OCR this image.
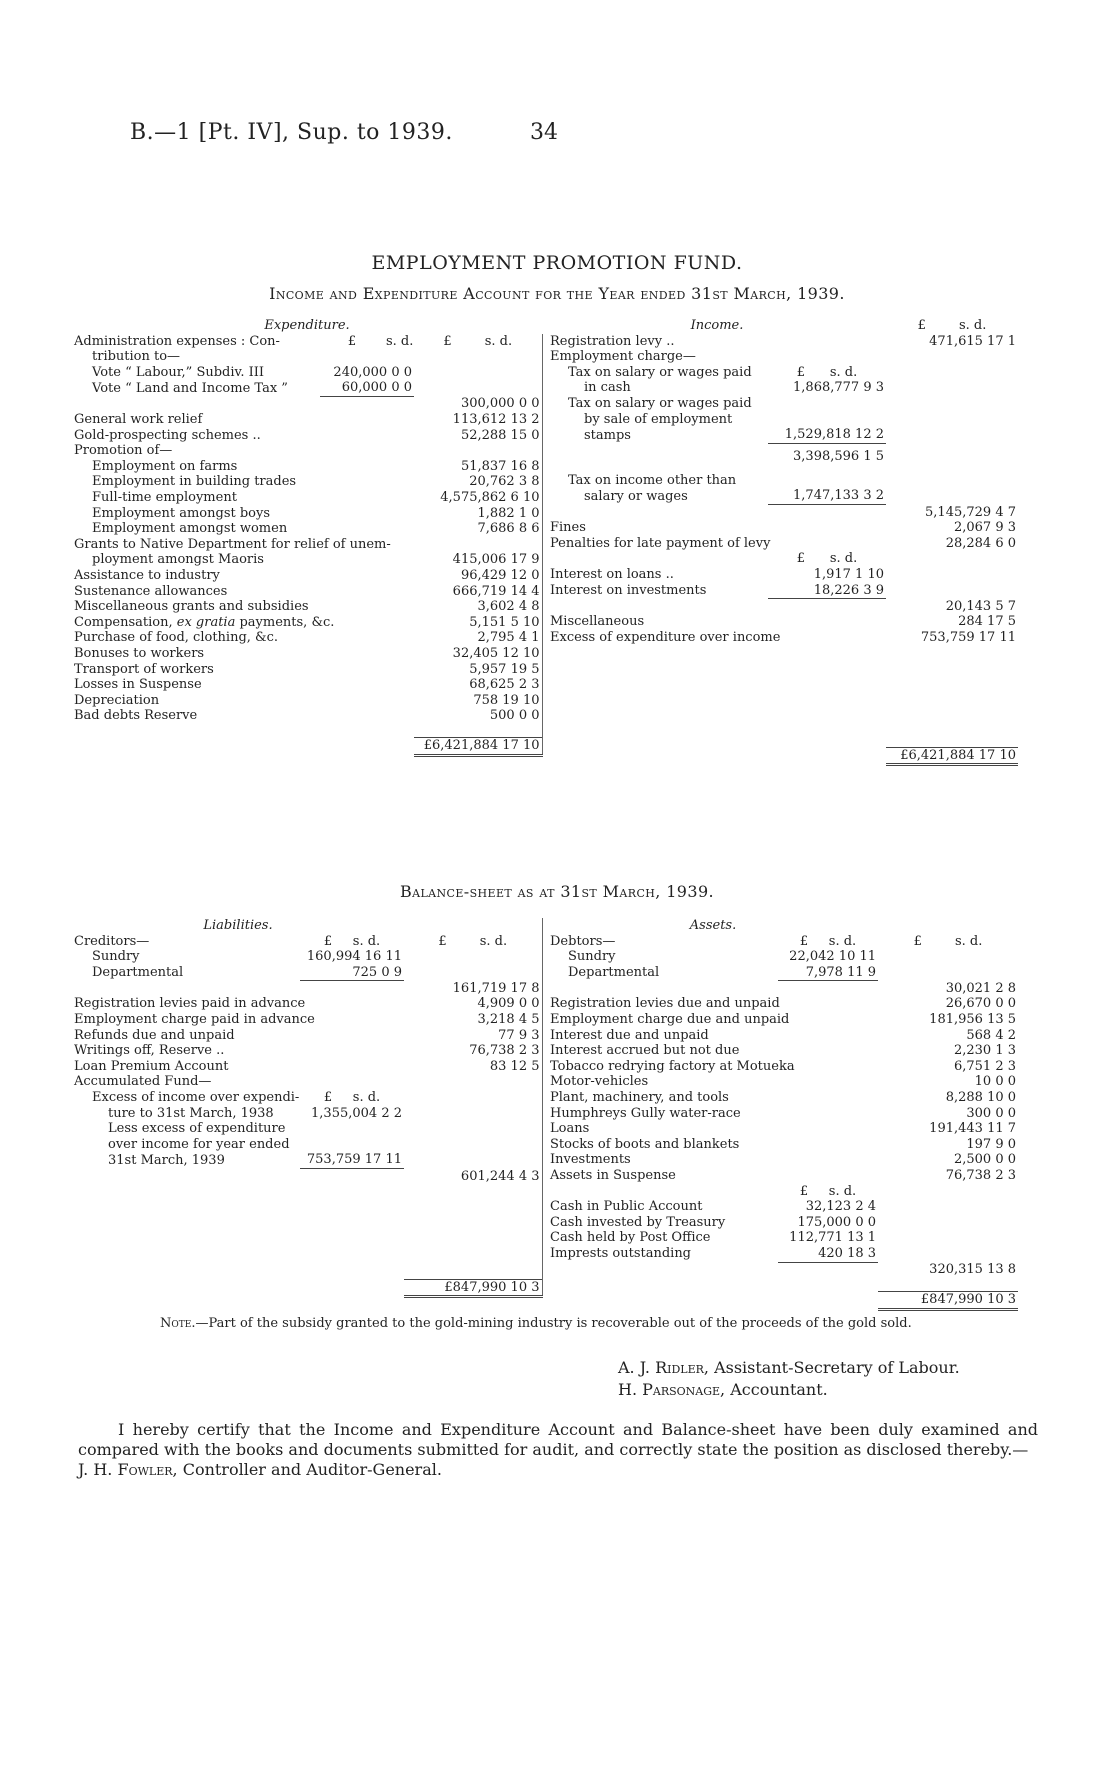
B.—1 [Pt. IV], Sup. to 1939.	34
EMPLOYMENT PROMOTION FUND.
Income and Expenditure Account for the Year ended 31st March, 1939.
Expenditure.			
Administration expenses : Con-	£	s. d.	£ s. d.
tribution to—			
Vote “ Labour,” Subdiv. III	240,000 0 0		
Vote “ Land and Income Tax ”	60,000 0 0		
			300,000 0 0
General work relief			113,612 13 2
Gold-prospecting schemes ..			52,288 15 0
Promotion of—			
Employment on farms			51,837 16 8
Employment in building trades			20,762 3 8
Full-time employment			4,575,862 6 10
Employment amongst boys			1,882 1 0
Employment amongst women			7,686 8 6
Grants to Native Department for relief of unem-			
ployment amongst Maoris			415,006 17 9
Assistance to industry			96,429 12 0
Sustenance allowances			666,719 14 4
Miscellaneous grants and subsidies			3,602 4 8
Compensation, ex gratia payments, &c.			5,151 5 10
Purchase of food, clothing, &c.			2,795 4 1
Bonuses to workers			32,405 12 10
Transport of workers			5,957 19 5
Losses in Suspense			68,625 2 3
Depreciation			758 19 10
Bad debts Reserve			500 0 0

			£6,421,884 17 10
Income.		£ s. d.
Registration levy ..		471,615 17 1
Employment charge—		
Tax on salary or wages paid	£ s. d.	
in cash	1,868,777 9 3	
Tax on salary or wages paid		
by sale of employment		
stamps	1,529,818 12 2	

	3,398,596 1 5	

Tax on income other than		
salary or wages	1,747,133 3 2	
		5,145,729 4 7
Fines		2,067 9 3
Penalties for late payment of levy		28,284 6 0
	£ s. d.	
Interest on loans ..	1,917 1 10	
Interest on investments	18,226 3 9	
		20,143 5 7
Miscellaneous		284 17 5
Excess of expenditure over income		753,759 17 11

		£6,421,884 17 10
Balance-sheet as at 31st March, 1939.
Liabilities.		
Creditors—	£ s. d.	£ s. d.
Sundry	160,994 16 11	
Departmental	725 0 9	
		161,719 17 8
Registration levies paid in advance		4,909 0 0
Employment charge paid in advance		3,218 4 5
Refunds due and unpaid		77 9 3
Writings off, Reserve ..		76,738 2 3
Loan Premium Account		83 12 5
Accumulated Fund—		
Excess of income over expendi-	£ s. d.	
ture to 31st March, 1938	1,355,004 2 2	
Less excess of expenditure		
over income for year ended		
31st March, 1939	753,759 17 11	
		601,244 4 3

		£847,990 10 3
Assets.		
Debtors—	£ s. d.	£ s. d.
Sundry	22,042 10 11	
Departmental	7,978 11 9	
		30,021 2 8
Registration levies due and unpaid		26,670 0 0
Employment charge due and unpaid		181,956 13 5
Interest due and unpaid		568 4 2
Interest accrued but not due		2,230 1 3
Tobacco redrying factory at Motueka		6,751 2 3
Motor-vehicles		10 0 0
Plant, machinery, and tools		8,288 10 0
Humphreys Gully water-race		300 0 0
Loans		191,443 11 7
Stocks of boots and blankets		197 9 0
Investments		2,500 0 0
Assets in Suspense		76,738 2 3
	£ s. d.	
Cash in Public Account	32,123 2 4	
Cash invested by Treasury	175,000 0 0	
Cash held by Post Office	112,771 13 1	
Imprests outstanding	420 18 3	
		320,315 13 8

		£847,990 10 3
Note.—Part of the subsidy granted to the gold-mining industry is recoverable out of the proceeds of the gold sold.
A. J. Ridler, Assistant-Secretary of Labour.
H. Parsonage, Accountant.
I hereby certify that the Income and Expenditure Account and Balance-sheet have been duly examined and compared with the books and documents submitted for audit, and correctly state the position as disclosed thereby.—
J. H. Fowler, Controller and Auditor-General.
